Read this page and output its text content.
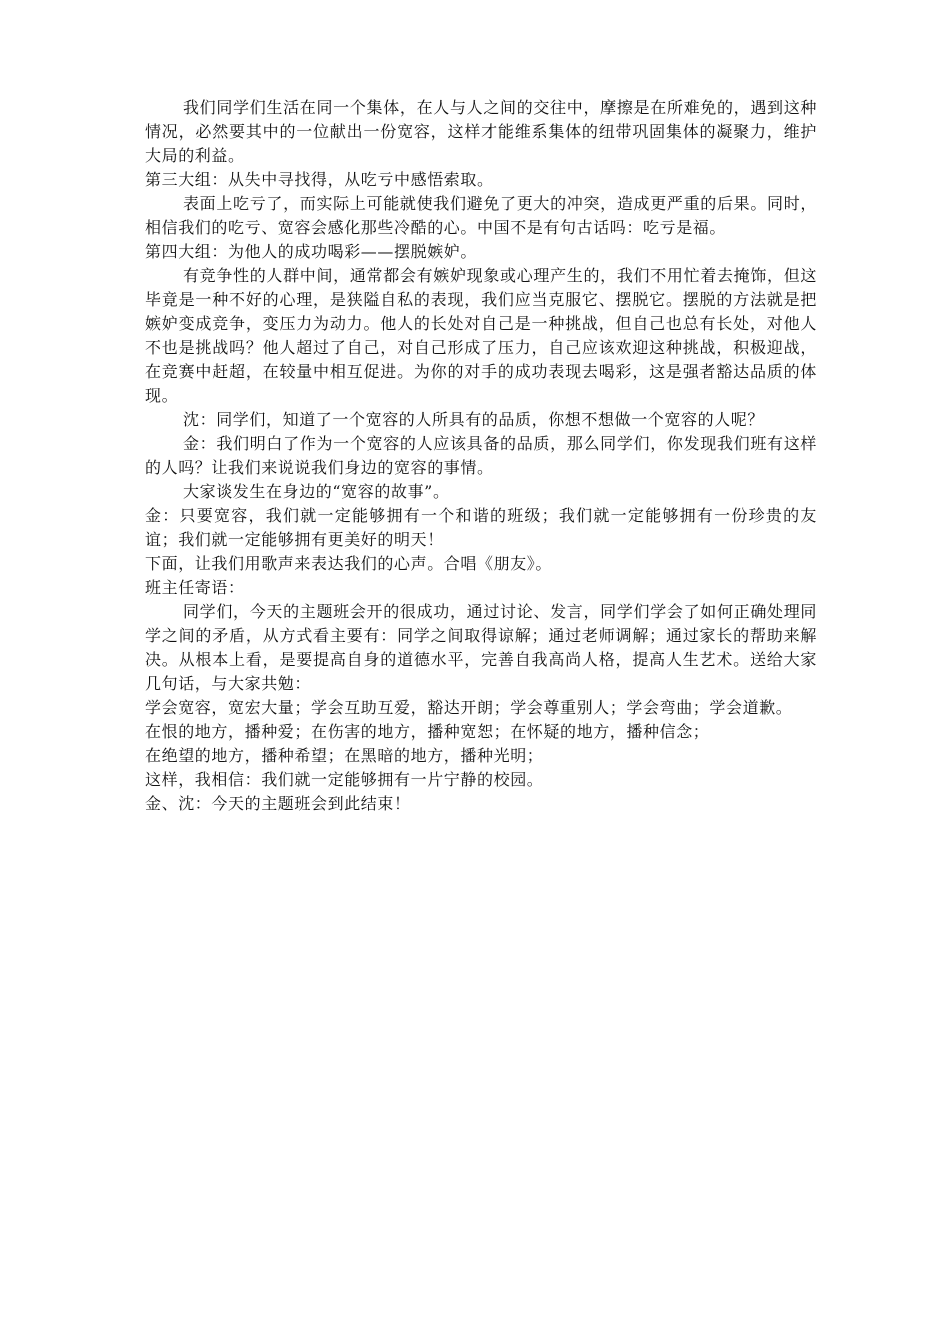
我们同学们生活在同一个集体，在人与人之间的交往中，摩擦是在所难免的，遇到这种情况，必然要其中的一位献出一份宽容，这样才能维系集体的纽带巩固集体的凝聚力，维护大局的利益。

第三大组：从失中寻找得，从吃亏中感悟索取。

表面上吃亏了，而实际上可能就使我们避免了更大的冲突，造成更严重的后果。同时，相信我们的吃亏、宽容会感化那些冷酷的心。中国不是有句古话吗：吃亏是福。

第四大组：为他人的成功喝彩——摆脱嫉妒。

有竞争性的人群中间，通常都会有嫉妒现象或心理产生的，我们不用忙着去掩饰，但这毕竟是一种不好的心理，是狭隘自私的表现，我们应当克服它、摆脱它。摆脱的方法就是把嫉妒变成竞争，变压力为动力。他人的长处对自己是一种挑战，但自己也总有长处，对他人不也是挑战吗？他人超过了自己，对自己形成了压力，自己应该欢迎这种挑战，积极迎战，在竞赛中赶超，在较量中相互促进。为你的对手的成功表现去喝彩，这是强者豁达品质的体现。

沈：同学们，知道了一个宽容的人所具有的品质，你想不想做一个宽容的人呢？

金：我们明白了作为一个宽容的人应该具备的品质，那么同学们，你发现我们班有这样的人吗？让我们来说说我们身边的宽容的事情。

大家谈发生在身边的“宽容的故事”。

金：只要宽容，我们就一定能够拥有一个和谐的班级；我们就一定能够拥有一份珍贵的友谊；我们就一定能够拥有更美好的明天！

下面，让我们用歌声来表达我们的心声。合唱《朋友》。

班主任寄语：

同学们，今天的主题班会开的很成功，通过讨论、发言，同学们学会了如何正确处理同学之间的矛盾，从方式看主要有：同学之间取得谅解；通过老师调解；通过家长的帮助来解决。从根本上看，是要提高自身的道德水平，完善自我高尚人格，提高人生艺术。送给大家几句话，与大家共勉：

学会宽容，宽宏大量；学会互助互爱，豁达开朗；学会尊重别人；学会弯曲；学会道歉。

在恨的地方，播种爱；在伤害的地方，播种宽恕；在怀疑的地方，播种信念；

在绝望的地方，播种希望；在黑暗的地方，播种光明；

这样，我相信：我们就一定能够拥有一片宁静的校园。

金、沈：今天的主题班会到此结束！
